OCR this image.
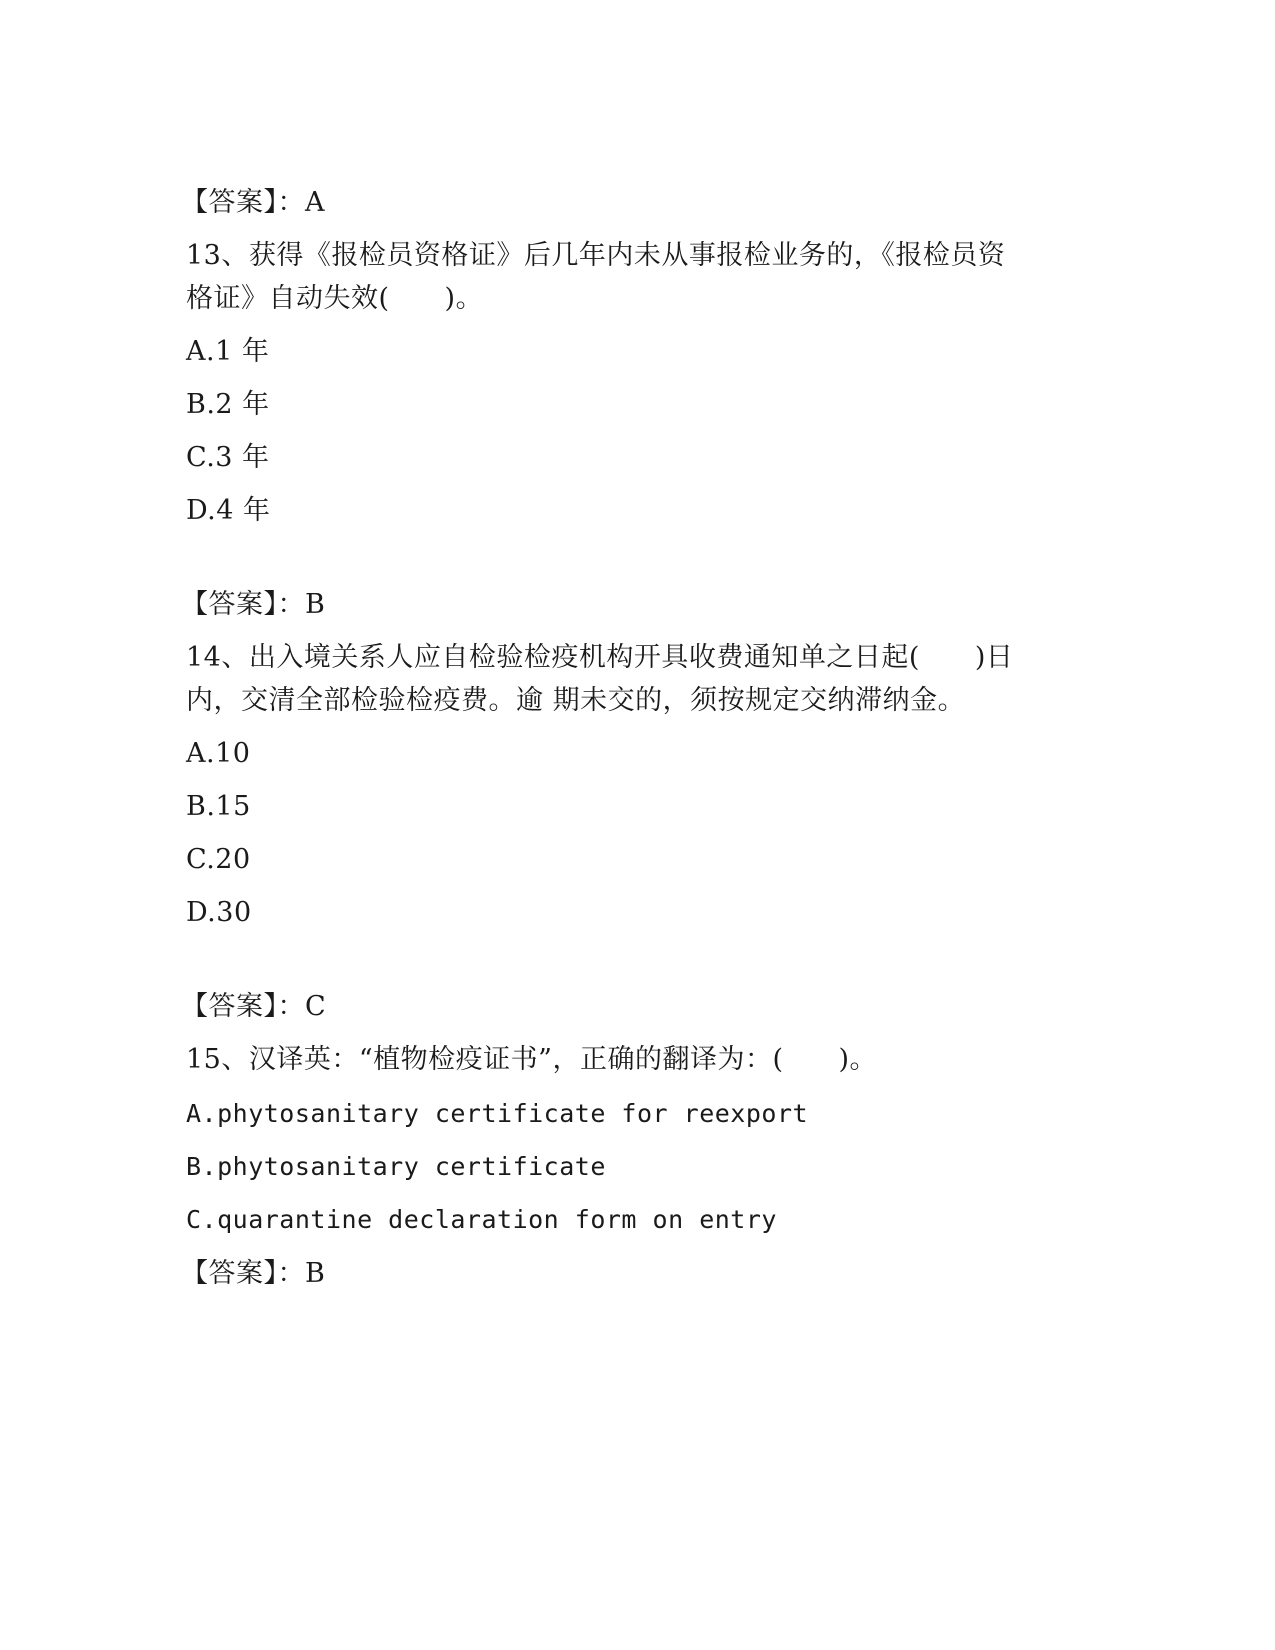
【答案】：A
13、获得《报检员资格证》后几年内未从事报检业务的，《报检员资
格证》自动失效(　　)。
A.1 年
B.2 年
C.3 年
D.4 年
【答案】：B
14、出入境关系人应自检验检疫机构开具收费通知单之日起(　　)日
内，交清全部检验检疫费。逾 期未交的，须按规定交纳滞纳金。
A.10
B.15
C.20
D.30
【答案】：C
15、汉译英：“植物检疫证书”，正确的翻译为：(　　)。
A.phytosanitary certificate for reexport
B.phytosanitary certificate
C.quarantine declaration form on entry
【答案】：B
